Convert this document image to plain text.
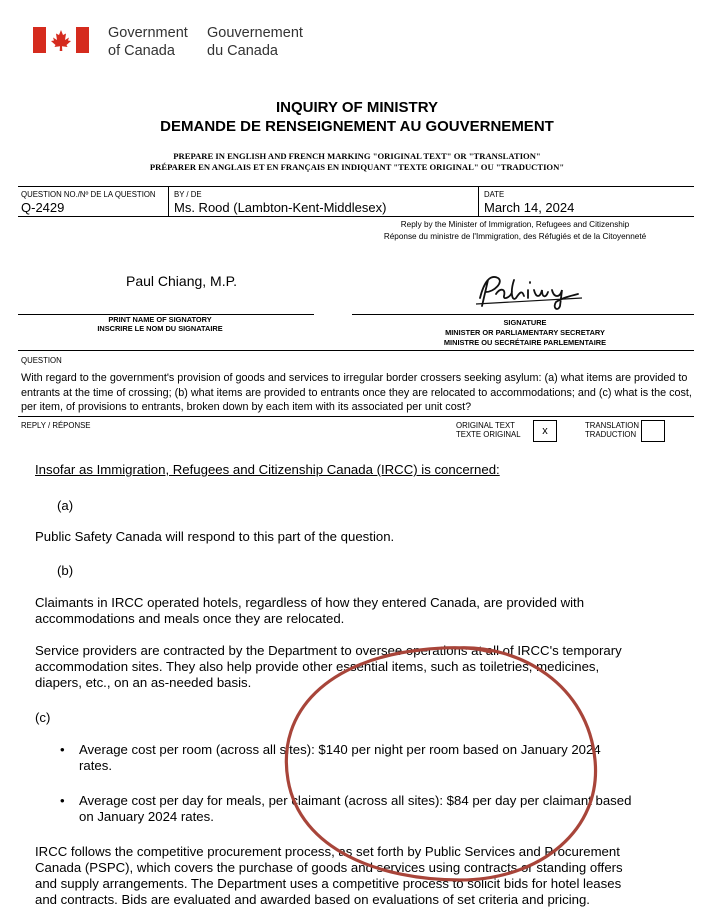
Government
of Canada
Gouvernement
du Canada
INQUIRY OF MINISTRY
DEMANDE DE RENSEIGNEMENT AU GOUVERNEMENT
PREPARE IN ENGLISH AND FRENCH MARKING "ORIGINAL TEXT" OR "TRANSLATION"
PRÉPARER EN ANGLAIS ET EN FRANÇAIS EN INDIQUANT "TEXTE ORIGINAL" OU "TRADUCTION"
QUESTION NO./Nº DE LA QUESTION
Q-2429
BY / DE
Ms. Rood (Lambton-Kent-Middlesex)
DATE
March 14, 2024
Reply by the Minister of Immigration, Refugees and Citizenship
Réponse du ministre de l'Immigration, des Réfugiés et de la Citoyenneté
Paul Chiang, M.P.
PRINT NAME OF SIGNATORY
INSCRIRE LE NOM DU SIGNATAIRE
SIGNATURE
MINISTER OR PARLIAMENTARY SECRETARY
MINISTRE OU SECRÉTAIRE PARLEMENTAIRE
QUESTION
With regard to the government's provision of goods and services to irregular border crossers seeking asylum: (a) what items are provided to
entrants at the time of crossing; (b) what items are provided to entrants once they are relocated to accommodations; and (c) what is the cost,
per item, of provisions to entrants, broken down by each item with its associated per unit cost?
REPLY / RÉPONSE	ORIGINAL TEXT
TEXTE ORIGINAL	x	TRANSLATION
TRADUCTION
Insofar as Immigration, Refugees and Citizenship Canada (IRCC) is concerned:
(a)
Public Safety Canada will respond to this part of the question.
(b)
Claimants in IRCC operated hotels, regardless of how they entered Canada, are provided with
accommodations and meals once they are relocated.
Service providers are contracted by the Department to oversee operations at all of IRCC's temporary
accommodation sites. They also help provide other essential items, such as toiletries, medicines,
diapers, etc., on an as-needed basis.
(c)
• Average cost per room (across all sites): $140 per night per room based on January 2024
rates.
• Average cost per day for meals, per claimant (across all sites): $84 per day per claimant based
on January 2024 rates.
IRCC follows the competitive procurement process, as set forth by Public Services and Procurement
Canada (PSPC), which covers the purchase of goods and services using contracts or standing offers
and supply arrangements. The Department uses a competitive process to solicit bids for hotel leases
and contracts. Bids are evaluated and awarded based on evaluations of set criteria and pricing.
